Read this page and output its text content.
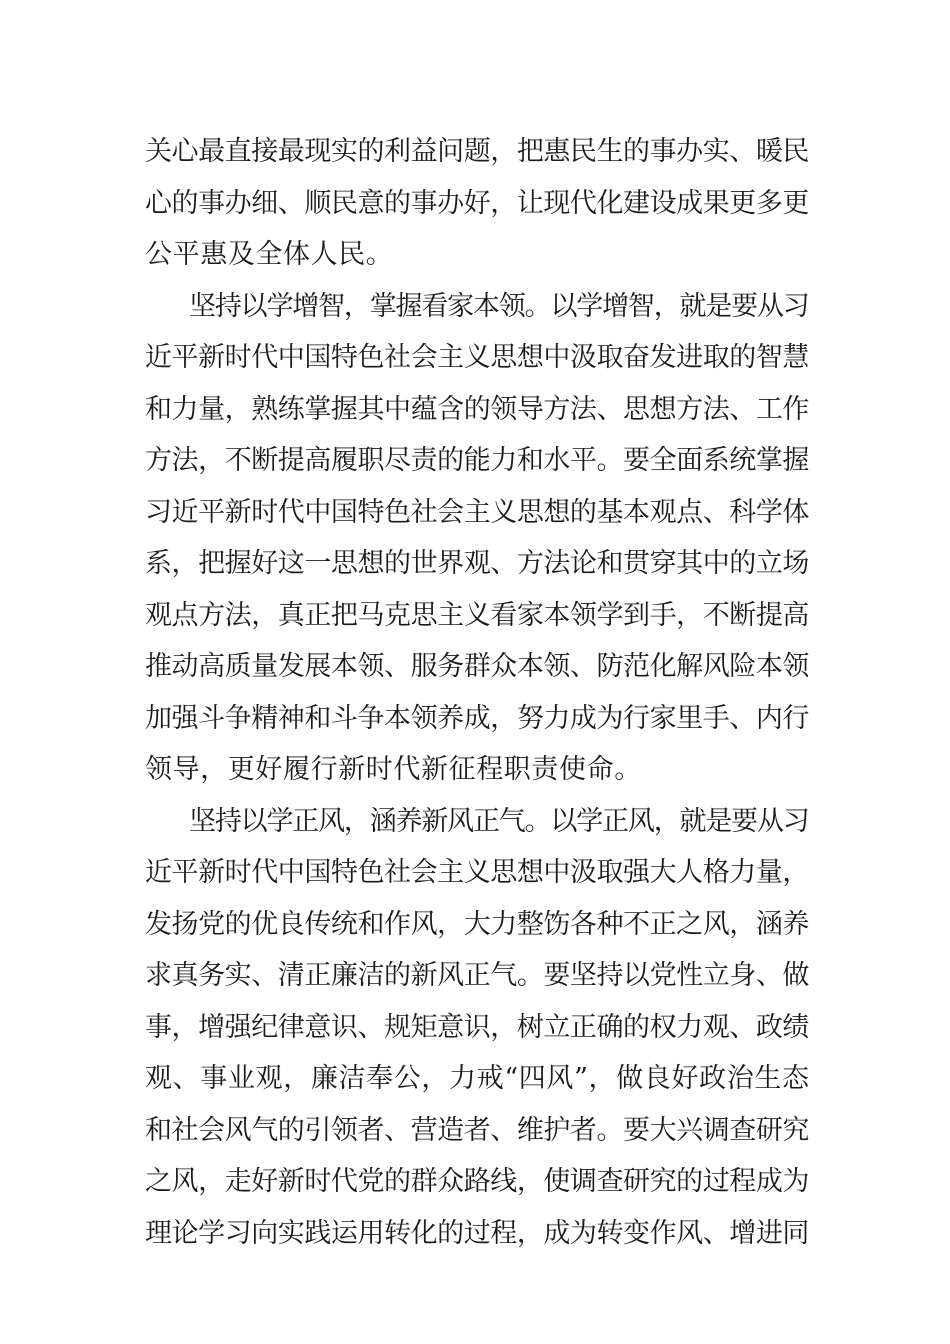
关心最直接最现实的利益问题，把惠民生的事办实、暖民
心的事办细、顺民意的事办好，让现代化建设成果更多更
公平惠及全体人民。
坚持以学增智，掌握看家本领。以学增智，就是要从习
近平新时代中国特色社会主义思想中汲取奋发进取的智慧
和力量，熟练掌握其中蕴含的领导方法、思想方法、工作
方法，不断提高履职尽责的能力和水平。要全面系统掌握
习近平新时代中国特色社会主义思想的基本观点、科学体
系，把握好这一思想的世界观、方法论和贯穿其中的立场
观点方法，真正把马克思主义看家本领学到手，不断提高
推动高质量发展本领、服务群众本领、防范化解风险本领
加强斗争精神和斗争本领养成，努力成为行家里手、内行
领导，更好履行新时代新征程职责使命。
坚持以学正风，涵养新风正气。以学正风，就是要从习
近平新时代中国特色社会主义思想中汲取强大人格力量，
发扬党的优良传统和作风，大力整饬各种不正之风，涵养
求真务实、清正廉洁的新风正气。要坚持以党性立身、做
事，增强纪律意识、规矩意识，树立正确的权力观、政绩
观、事业观，廉洁奉公，力戒“四风”，做良好政治生态
和社会风气的引领者、营造者、维护者。要大兴调查研究
之风，走好新时代党的群众路线，使调查研究的过程成为
理论学习向实践运用转化的过程，成为转变作风、增进同
